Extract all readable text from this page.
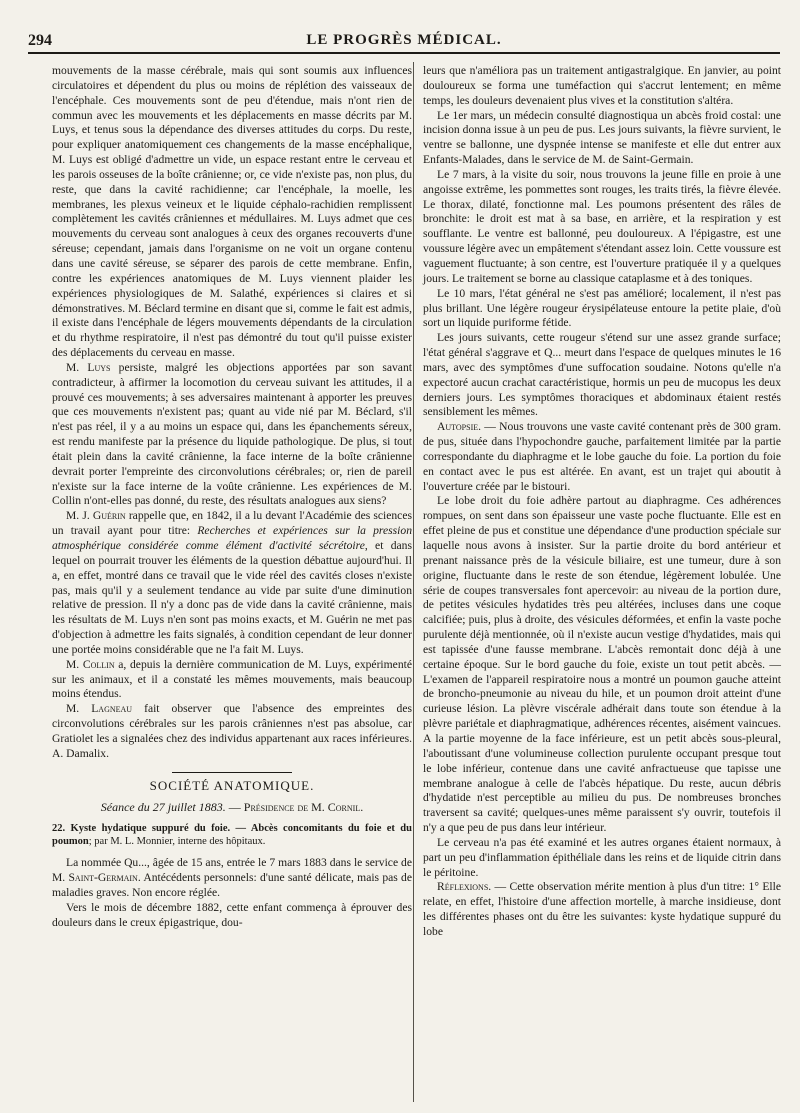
294	LE PROGRÈS MÉDICAL.

mouvements de la masse cérébrale, mais qui sont soumis aux influences circulatoires et dépendent du plus ou moins de réplétion des vaisseaux de l'encéphale. Ces mouvements sont de peu d'étendue, mais n'ont rien de commun avec les mouvements et les déplacements en masse décrits par M. Luys, et tenus sous la dépendance des diverses attitudes du corps. Du reste, pour expliquer anatomiquement ces changements de la masse encéphalique, M. Luys est obligé d'admettre un vide, un espace restant entre le cerveau et les parois osseuses de la boîte crânienne; or, ce vide n'existe pas, non plus, du reste, que dans la cavité rachidienne; car l'encéphale, la moelle, les membranes, les plexus veineux et le liquide céphalo-rachidien remplissent complètement les cavités crâniennes et médullaires. M. Luys admet que ces mouvements du cerveau sont analogues à ceux des organes recouverts d'une séreuse; cependant, jamais dans l'organisme on ne voit un organe contenu dans une cavité séreuse, se séparer des parois de cette membrane. Enfin, contre les expériences anatomiques de M. Luys viennent plaider les expériences physiologiques de M. Salathé, expériences si claires et si démonstratives. M. Béclard termine en disant que si, comme le fait est admis, il existe dans l'encéphale de légers mouvements dépendants de la circulation et du rhythme respiratoire, il n'est pas démontré du tout qu'il puisse exister des déplacements du cerveau en masse.

M. Luys persiste, malgré les objections apportées par son savant contradicteur, à affirmer la locomotion du cerveau suivant les attitudes, il a prouvé ces mouvements; à ses adversaires maintenant à apporter les preuves que ces mouvements n'existent pas; quant au vide nié par M. Béclard, s'il n'est pas réel, il y a au moins un espace qui, dans les épanchements séreux, est rendu manifeste par la présence du liquide pathologique. De plus, si tout était plein dans la cavité crânienne, la face interne de la boîte crânienne devrait porter l'empreinte des circonvolutions cérébrales; or, rien de pareil n'existe sur la face interne de la voûte crânienne. Les expériences de M. Collin n'ont-elles pas donné, du reste, des résultats analogues aux siens?

M. J. Guérin rappelle que, en 1842, il a lu devant l'Académie des sciences un travail ayant pour titre: Recherches et expériences sur la pression atmosphérique considérée comme élément d'activité sécrétoire, et dans lequel on pourrait trouver les éléments de la question débattue aujourd'hui. Il a, en effet, montré dans ce travail que le vide réel des cavités closes n'existe pas, mais qu'il y a seulement tendance au vide par suite d'une diminution relative de pression. Il n'y a donc pas de vide dans la cavité crânienne, mais les résultats de M. Luys n'en sont pas moins exacts, et M. Guérin ne met pas d'objection à admettre les faits signalés, à condition cependant de leur donner une portée moins considérable que ne l'a fait M. Luys.

M. Collin a, depuis la dernière communication de M. Luys, expérimenté sur les animaux, et il a constaté les mêmes mouvements, mais beaucoup moins étendus.

M. Lagneau fait observer que l'absence des empreintes des circonvolutions cérébrales sur les parois crâniennes n'est pas absolue, car Gratiolet les a signalées chez des individus appartenant aux races inférieures. A. Damalix.

SOCIÉTÉ ANATOMIQUE.

Séance du 27 juillet 1883. — Présidence de M. Cornil.

22. Kyste hydatique suppuré du foie. — Abcès concomitants du foie et du poumon; par M. L. Monnier, interne des hôpitaux.

La nommée Qu..., âgée de 15 ans, entrée le 7 mars 1883 dans le service de M. Saint-Germain. Antécédents personnels: d'une santé délicate, mais pas de maladies graves. Non encore réglée.

Vers le mois de décembre 1882, cette enfant commença à éprouver des douleurs dans le creux épigastrique, dou-

leurs que n'améliora pas un traitement antigastralgique. En janvier, au point douloureux se forma une tuméfaction qui s'accrut lentement; en même temps, les douleurs devenaient plus vives et la constitution s'altéra.

Le 1er mars, un médecin consulté diagnostiqua un abcès froid costal: une incision donna issue à un peu de pus. Les jours suivants, la fièvre survient, le ventre se ballonne, une dyspnée intense se manifeste et elle dut entrer aux Enfants-Malades, dans le service de M. de Saint-Germain.

Le 7 mars, à la visite du soir, nous trouvons la jeune fille en proie à une angoisse extrême, les pommettes sont rouges, les traits tirés, la fièvre élevée. Le thorax, dilaté, fonctionne mal. Les poumons présentent des râles de bronchite: le droit est mat à sa base, en arrière, et la respiration y est soufflante. Le ventre est ballonné, peu douloureux. A l'épigastre, est une voussure légère avec un empâtement s'étendant assez loin. Cette voussure est vaguement fluctuante; à son centre, est l'ouverture pratiquée il y a quelques jours. Le traitement se borne au classique cataplasme et à des toniques.

Le 10 mars, l'état général ne s'est pas amélioré; localement, il n'est pas plus brillant. Une légère rougeur érysipélateuse entoure la petite plaie, d'où sort un liquide puriforme fétide.

Les jours suivants, cette rougeur s'étend sur une assez grande surface; l'état général s'aggrave et Q... meurt dans l'espace de quelques minutes le 16 mars, avec des symptômes d'une suffocation soudaine. Notons qu'elle n'a expectoré aucun crachat caractéristique, hormis un peu de mucopus les deux derniers jours. Les symptômes thoraciques et abdominaux étaient restés sensiblement les mêmes.

Autopsie. — Nous trouvons une vaste cavité contenant près de 300 gram. de pus, située dans l'hypochondre gauche, parfaitement limitée par la partie correspondante du diaphragme et le lobe gauche du foie. La portion du foie en contact avec le pus est altérée. En avant, est un trajet qui aboutit à l'ouverture créée par le bistouri.

Le lobe droit du foie adhère partout au diaphragme. Ces adhérences rompues, on sent dans son épaisseur une vaste poche fluctuante. Elle est en effet pleine de pus et constitue une dépendance d'une production spéciale sur laquelle nous avons à insister. Sur la partie droite du bord antérieur et prenant naissance près de la vésicule biliaire, est une tumeur, dure à son origine, fluctuante dans le reste de son étendue, légèrement lobulée. Une série de coupes transversales font apercevoir: au niveau de la portion dure, de petites vésicules hydatides très peu altérées, incluses dans une coque calcifiée; puis, plus à droite, des vésicules déformées, et enfin la vaste poche purulente déjà mentionnée, où il n'existe aucun vestige d'hydatides, mais qui est tapissée d'une fausse membrane. L'abcès remontait donc déjà à une certaine époque. Sur le bord gauche du foie, existe un tout petit abcès. — L'examen de l'appareil respiratoire nous a montré un poumon gauche atteint de broncho-pneumonie au niveau du hile, et un poumon droit atteint d'une curieuse lésion. La plèvre viscérale adhérait dans toute son étendue à la plèvre pariétale et diaphragmatique, adhérences récentes, aisément vaincues. A la partie moyenne de la face inférieure, est un petit abcès sous-pleural, l'aboutissant d'une volumineuse collection purulente occupant presque tout le lobe inférieur, contenue dans une cavité anfractueuse que tapisse une membrane analogue à celle de l'abcès hépatique. Du reste, aucun débris d'hydatide n'est perceptible au milieu du pus. De nombreuses bronches traversent sa cavité; quelques-unes même paraissent s'y ouvrir, toutefois il n'y a que peu de pus dans leur intérieur.

Le cerveau n'a pas été examiné et les autres organes étaient normaux, à part un peu d'inflammation épithéliale dans les reins et de liquide citrin dans le péritoine.

Réflexions. — Cette observation mérite mention à plus d'un titre: 1° Elle relate, en effet, l'histoire d'une affection mortelle, à marche insidieuse, dont les différentes phases ont du être les suivantes: kyste hydatique suppuré du lobe
